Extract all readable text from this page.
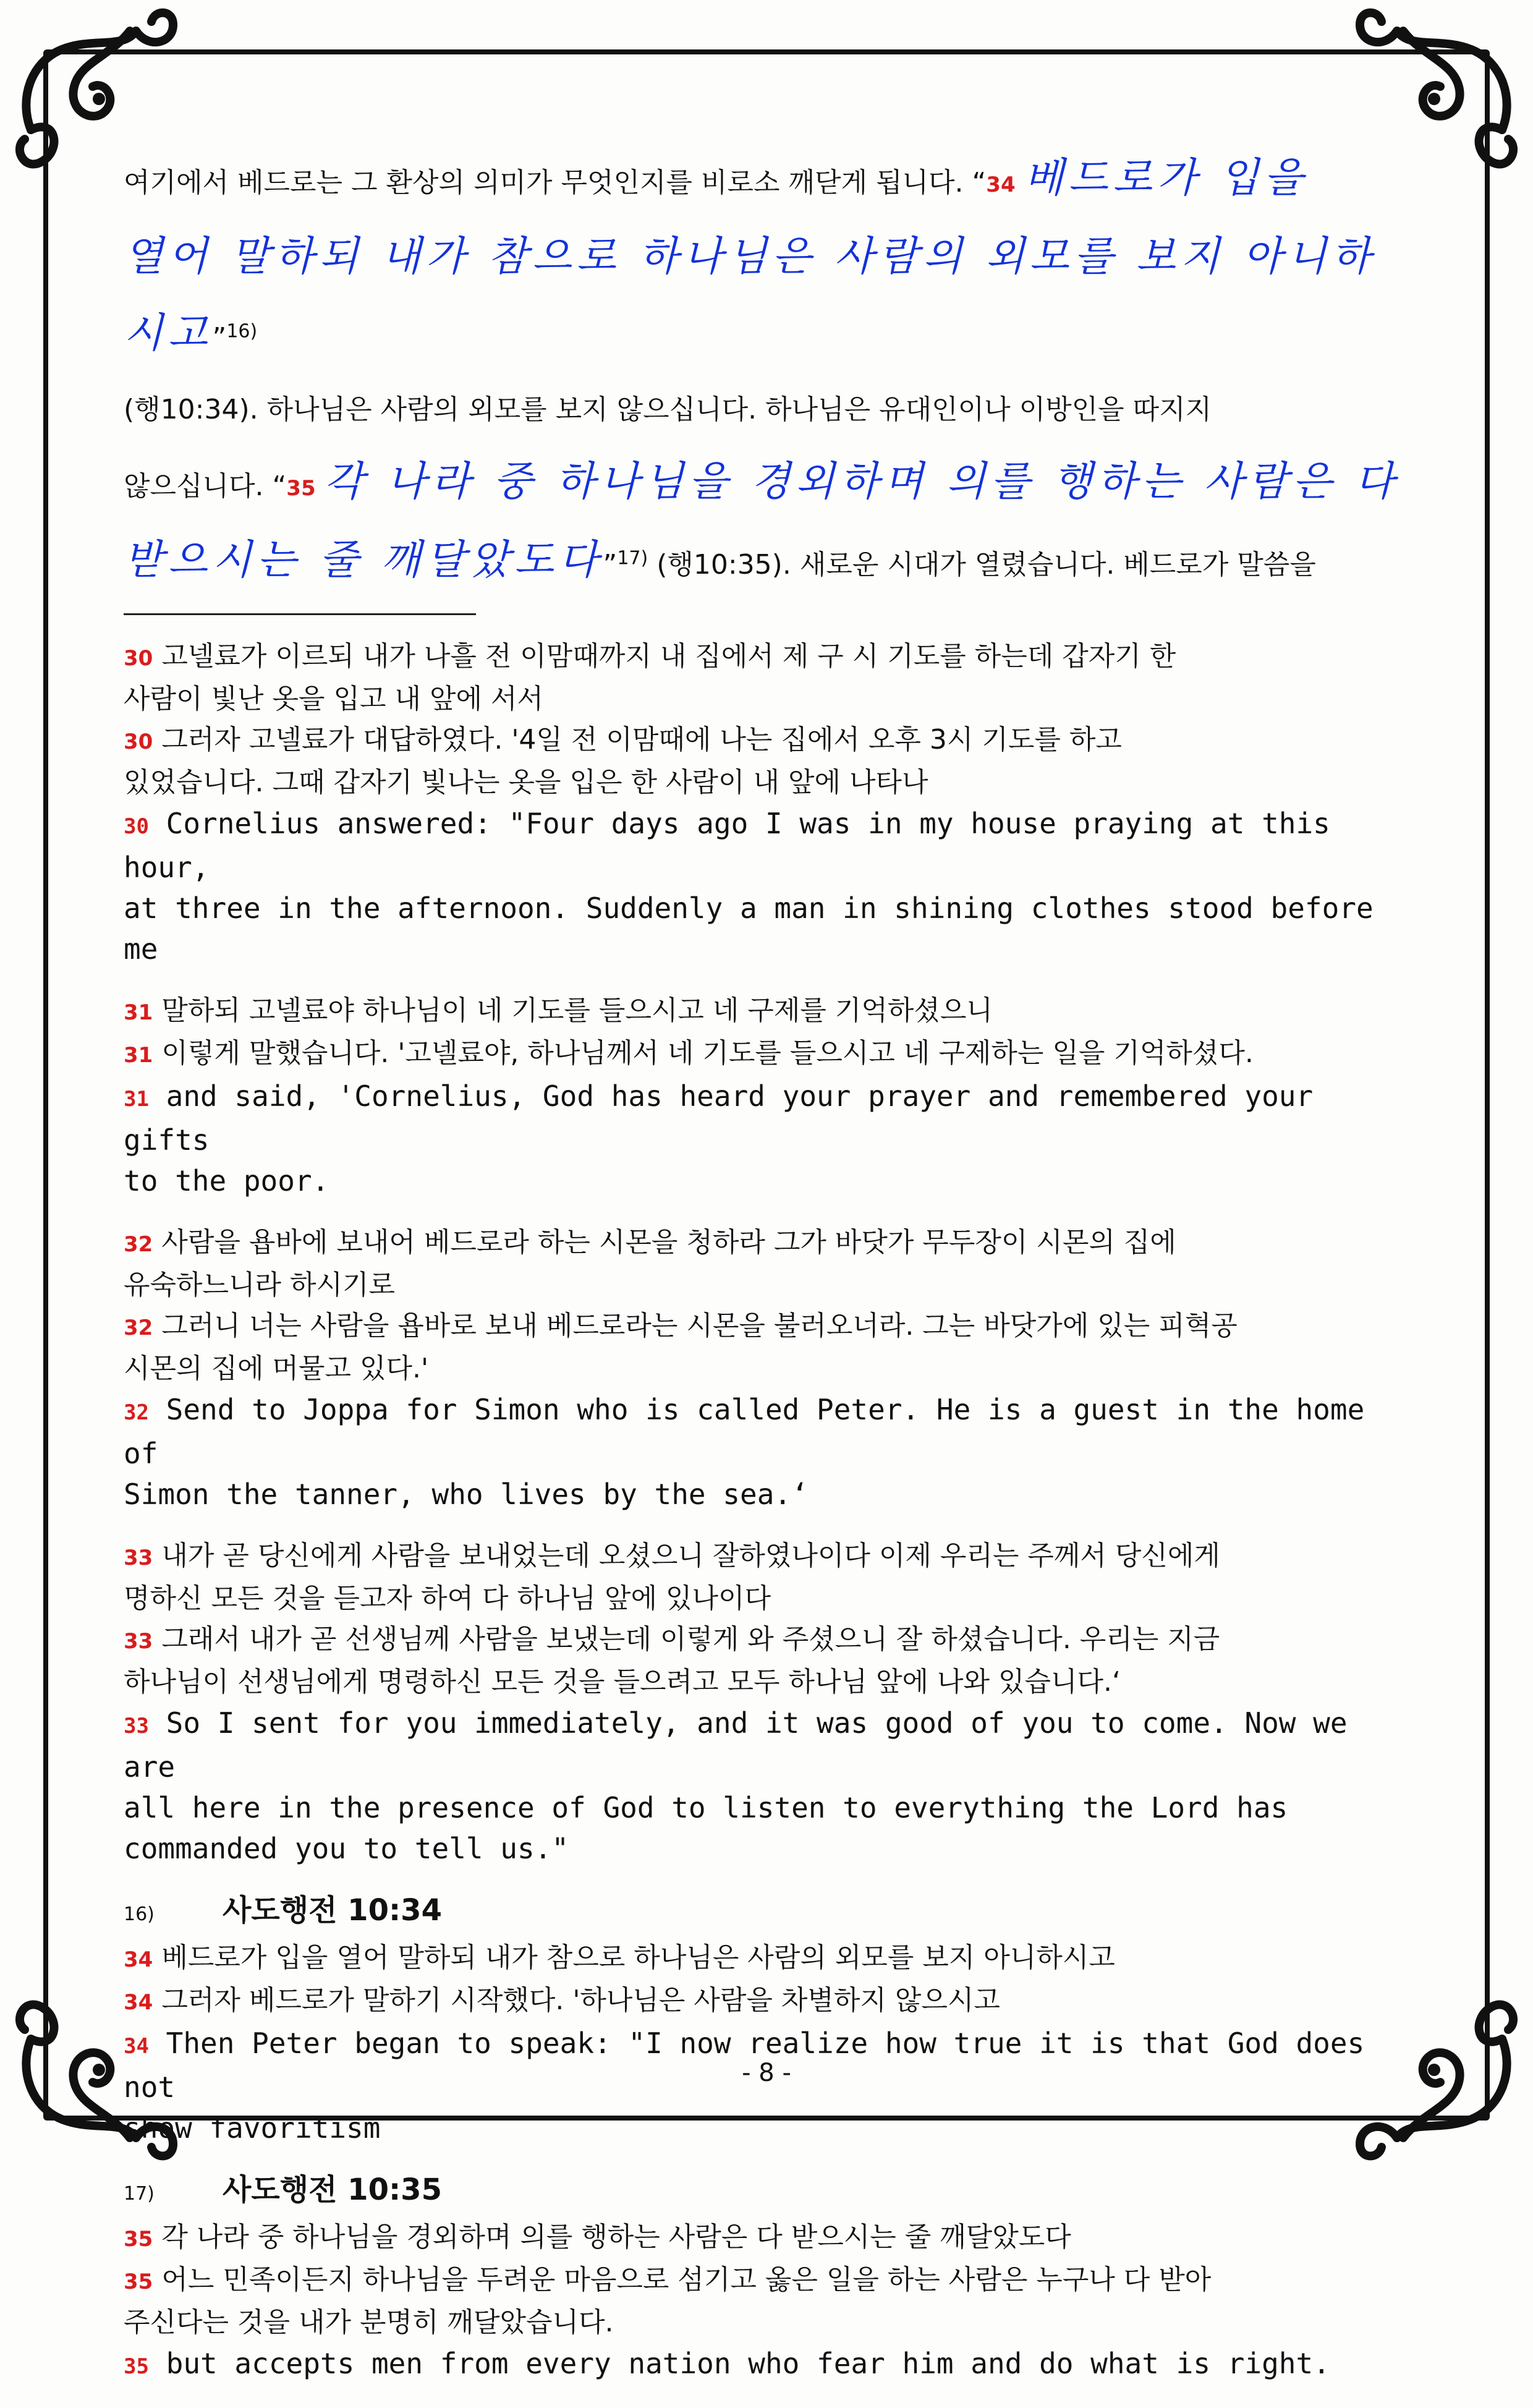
여기에서 베드로는 그 환상의 의미가 무엇인지를 비로소 깨닫게 됩니다. “34 베드로가 입을
열어 말하되 내가 참으로 하나님은 사람의 외모를 보지 아니하시고”$^{16)}$
(행10:34). 하나님은 사람의 외모를 보지 않으십니다. 하나님은 유대인이나 이방인을 따지지
않으십니다. “35 각 나라 중 하나님을 경외하며 의를 행하는 사람은 다
받으시는 줄 깨달았도다”$^{17)}$ (행10:35). 새로운 시대가 열렸습니다. 베드로가 말씀을

30 고넬료가 이르되 내가 나흘 전 이맘때까지 내 집에서 제 구 시 기도를 하는데 갑자기 한
사람이 빛난 옷을 입고 내 앞에 서서
30 그러자 고넬료가 대답하였다. '4일 전 이맘때에 나는 집에서 오후 3시 기도를 하고
있었습니다. 그때 갑자기 빛나는 옷을 입은 한 사람이 내 앞에 나타나
30 Cornelius answered: "Four days ago I was in my house praying at this hour,
at three in the afternoon. Suddenly a man in shining clothes stood before me
31 말하되 고넬료야 하나님이 네 기도를 들으시고 네 구제를 기억하셨으니
31 이렇게 말했습니다. '고넬료야, 하나님께서 네 기도를 들으시고 네 구제하는 일을 기억하셨다.
31 and said, 'Cornelius, God has heard your prayer and remembered your gifts
to the poor.
32 사람을 욥바에 보내어 베드로라 하는 시몬을 청하라 그가 바닷가 무두장이 시몬의 집에
유숙하느니라 하시기로
32 그러니 너는 사람을 욥바로 보내 베드로라는 시몬을 불러오너라. 그는 바닷가에 있는 피혁공
시몬의 집에 머물고 있다.'
32 Send to Joppa for Simon who is called Peter. He is a guest in the home of
Simon the tanner, who lives by the sea.‘
33 내가 곧 당신에게 사람을 보내었는데 오셨으니 잘하였나이다 이제 우리는 주께서 당신에게
명하신 모든 것을 듣고자 하여 다 하나님 앞에 있나이다
33 그래서 내가 곧 선생님께 사람을 보냈는데 이렇게 와 주셨으니 잘 하셨습니다. 우리는 지금
하나님이 선생님에게 명령하신 모든 것을 들으려고 모두 하나님 앞에 나와 있습니다.‘
33 So I sent for you immediately, and it was good of you to come. Now we are
all here in the presence of God to listen to everything the Lord has
commanded you to tell us."
16) 사도행전 10:34
34 베드로가 입을 열어 말하되 내가 참으로 하나님은 사람의 외모를 보지 아니하시고
34 그러자 베드로가 말하기 시작했다. '하나님은 사람을 차별하지 않으시고
34 Then Peter began to speak: "I now realize how true it is that God does not
show favoritism
17) 사도행전 10:35
35 각 나라 중 하나님을 경외하며 의를 행하는 사람은 다 받으시는 줄 깨달았도다
35 어느 민족이든지 하나님을 두려운 마음으로 섬기고 옳은 일을 하는 사람은 누구나 다 받아
주신다는 것을 내가 분명히 깨달았습니다.
35 but accepts men from every nation who fear him and do what is right.
- 8 -
